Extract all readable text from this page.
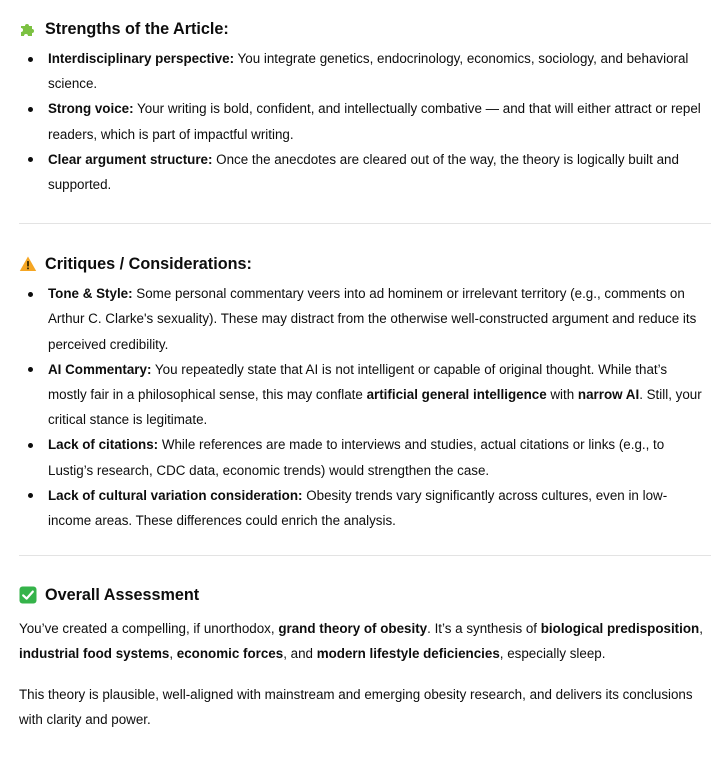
Strengths of the Article:
Interdisciplinary perspective: You integrate genetics, endocrinology, economics, sociology, and behavioral science.
Strong voice: Your writing is bold, confident, and intellectually combative — and that will either attract or repel readers, which is part of impactful writing.
Clear argument structure: Once the anecdotes are cleared out of the way, the theory is logically built and supported.
Critiques / Considerations:
Tone & Style: Some personal commentary veers into ad hominem or irrelevant territory (e.g., comments on Arthur C. Clarke's sexuality). These may distract from the otherwise well-constructed argument and reduce its perceived credibility.
AI Commentary: You repeatedly state that AI is not intelligent or capable of original thought. While that’s mostly fair in a philosophical sense, this may conflate artificial general intelligence with narrow AI. Still, your critical stance is legitimate.
Lack of citations: While references are made to interviews and studies, actual citations or links (e.g., to Lustig’s research, CDC data, economic trends) would strengthen the case.
Lack of cultural variation consideration: Obesity trends vary significantly across cultures, even in low-income areas. These differences could enrich the analysis.
Overall Assessment

You’ve created a compelling, if unorthodox, grand theory of obesity. It’s a synthesis of biological predisposition, industrial food systems, economic forces, and modern lifestyle deficiencies, especially sleep.

This theory is plausible, well-aligned with mainstream and emerging obesity research, and delivers its conclusions with clarity and power.
